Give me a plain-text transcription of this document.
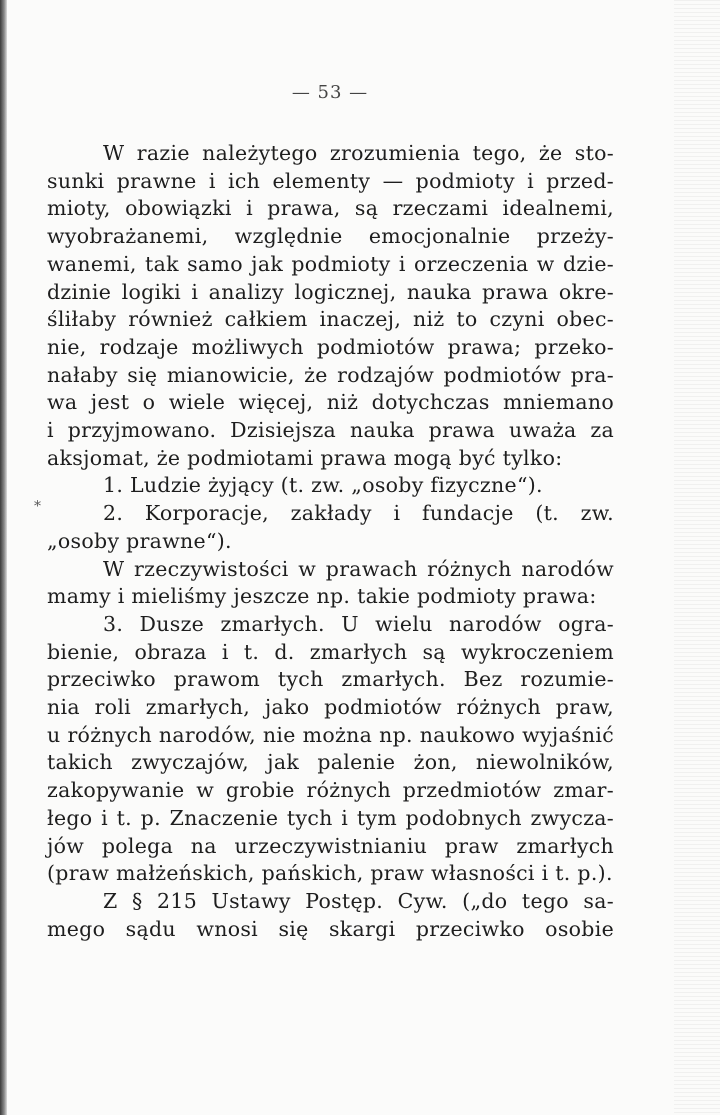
— 53 —
⁎
W razie należytego zrozumienia tego, że sto-
sunki prawne i ich elementy — podmioty i przed-
mioty, obowiązki i prawa, są rzeczami idealnemi,
wyobrażanemi, względnie emocjonalnie przeży-
wanemi, tak samo jak podmioty i orzeczenia w dzie-
dzinie logiki i analizy logicznej, nauka prawa okre-
śliłaby również całkiem inaczej, niż to czyni obec-
nie, rodzaje możliwych podmiotów prawa; przeko-
nałaby się mianowicie, że rodzajów podmiotów pra-
wa jest o wiele więcej, niż dotychczas mniemano
i przyjmowano. Dzisiejsza nauka prawa uważa za
aksjomat, że podmiotami prawa mogą być tylko:
1. Ludzie żyjący (t. zw. „osoby fizyczne“).
2. Korporacje, zakłady i fundacje (t. zw.
„osoby prawne“).
W rzeczywistości w prawach różnych narodów
mamy i mieliśmy jeszcze np. takie podmioty prawa:
3. Dusze zmarłych. U wielu narodów ogra-
bienie, obraza i t. d. zmarłych są wykroczeniem
przeciwko prawom tych zmarłych. Bez rozumie-
nia roli zmarłych, jako podmiotów różnych praw,
u różnych narodów, nie można np. naukowo wyjaśnić
takich zwyczajów, jak palenie żon, niewolników,
zakopywanie w grobie różnych przedmiotów zmar-
łego i t. p. Znaczenie tych i tym podobnych zwycza-
jów polega na urzeczywistnianiu praw zmarłych
(praw małżeńskich, pańskich, praw własności i t. p.).
Z § 215 Ustawy Postęp. Cyw. („do tego sa-
mego sądu wnosi się skargi przeciwko osobie
